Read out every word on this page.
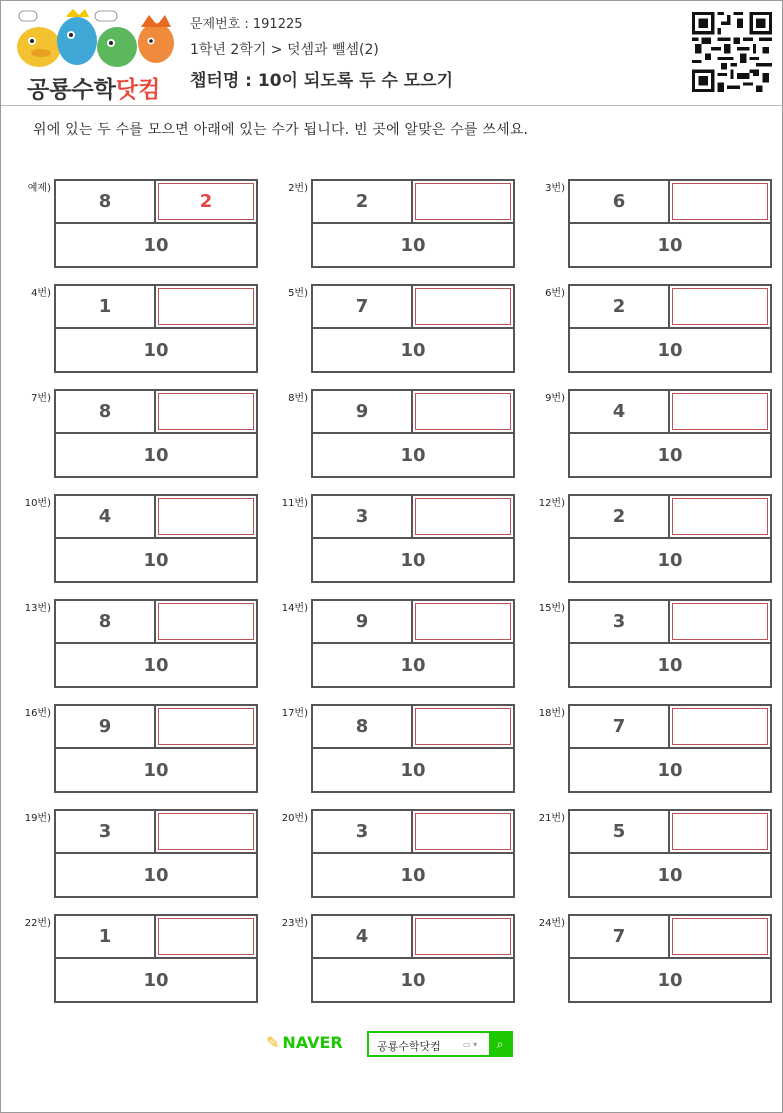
공룡수학닷컴
문제번호 : 191225
1학년 2학기 > 덧셈과 뺄셈(2)
챕터명 : 10이 되도록 두 수 모으기
위에 있는 두 수를 모으면 아래에 있는 수가 됩니다. 빈 곳에 알맞은 수를 쓰세요.
예제)
8	2
10
2번)
2
10
3번)
6
10
4번)
1
10
5번)
7
10
6번)
2
10
7번)
8
10
8번)
9
10
9번)
4
10
10번)
4
10
11번)
3
10
12번)
2
10
13번)
8
10
14번)
9
10
15번)
3
10
16번)
9
10
17번)
8
10
18번)
7
10
19번)
3
10
20번)
3
10
21번)
5
10
22번)
1
10
23번)
4
10
24번)
7
10
✎ NAVER	공룡수학닷컴	▭ ▾ ⌕
